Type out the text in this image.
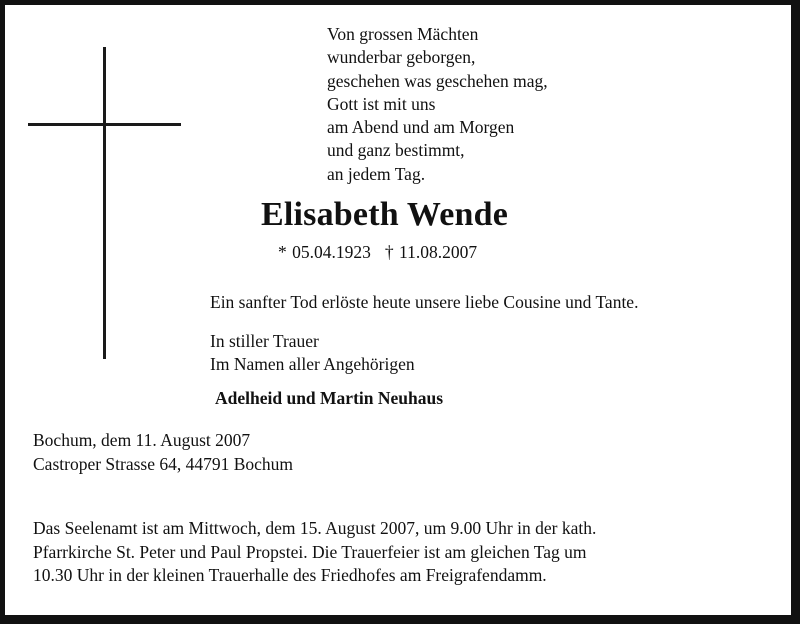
Von grossen Mächten
wunderbar geborgen,
geschehen was geschehen mag,
Gott ist mit uns
am Abend und am Morgen
und ganz bestimmt,
an jedem Tag.
Elisabeth Wende
* 05.04.1923 † 11.08.2007
Ein sanfter Tod erlöste heute unsere liebe Cousine und Tante.
In stiller Trauer
Im Namen aller Angehörigen
Adelheid und Martin Neuhaus
Bochum, dem 11. August 2007
Castroper Strasse 64, 44791 Bochum
Das Seelenamt ist am Mittwoch, dem 15. August 2007, um 9.00 Uhr in der kath.
Pfarrkirche St. Peter und Paul Propstei. Die Trauerfeier ist am gleichen Tag um
10.30 Uhr in der kleinen Trauerhalle des Friedhofes am Freigrafendamm.
